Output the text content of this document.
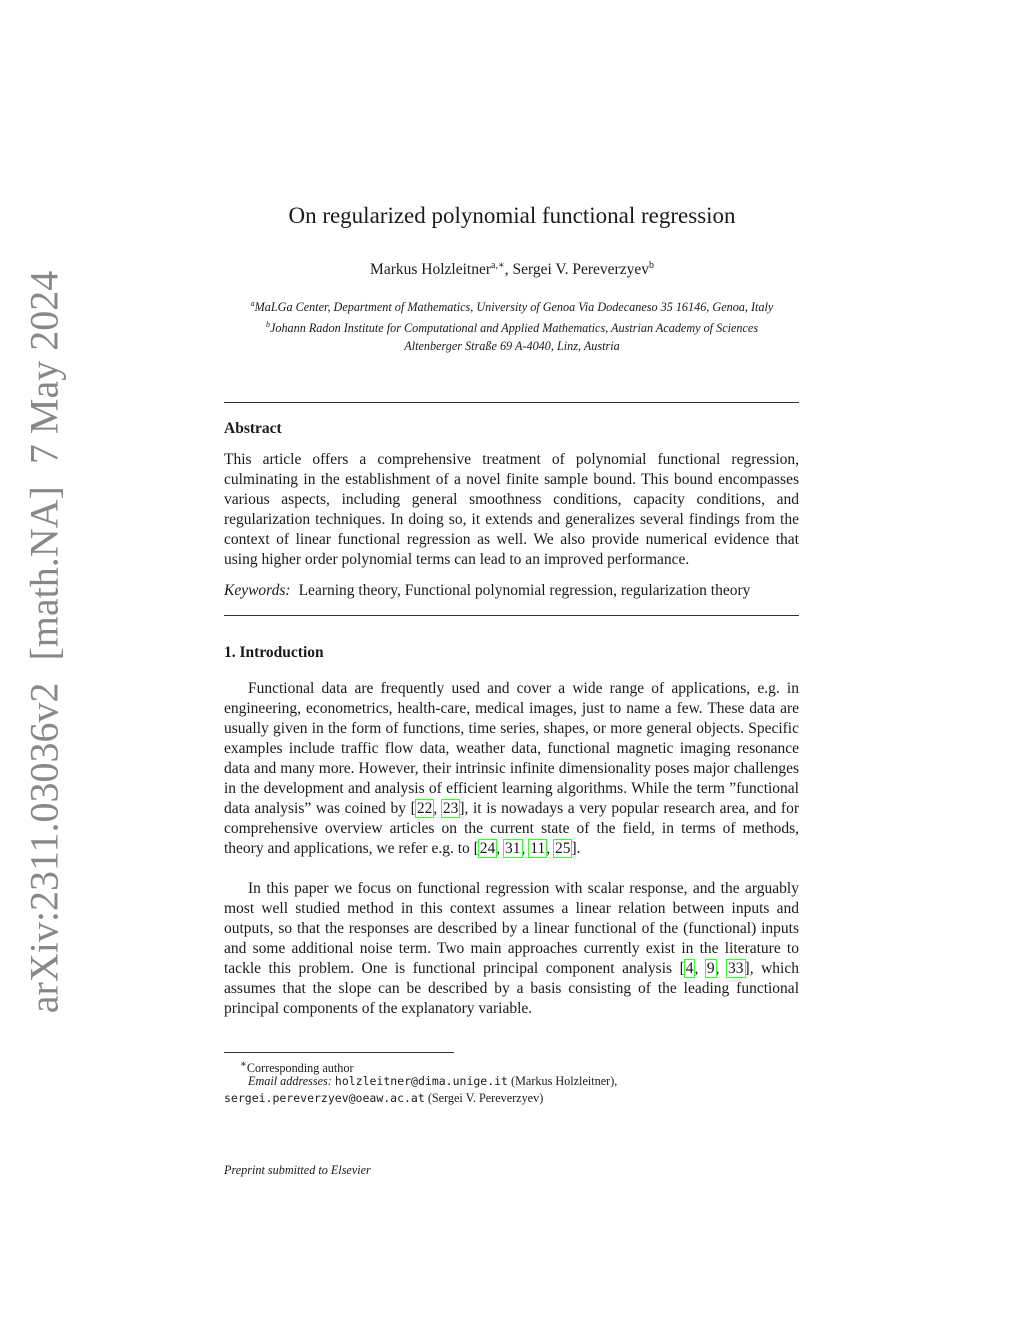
arXiv:2311.03036v2 [math.NA] 7 May 2024
On regularized polynomial functional regression
Markus Holzleitner$^{a,∗}$, Sergei V. Pereverzyev$^b$
$^a$MaLGa Center, Department of Mathematics, University of Genoa Via Dodecaneso 35 16146, Genoa, Italy
$^b$Johann Radon Institute for Computational and Applied Mathematics, Austrian Academy of Sciences
Altenberger Straße 69 A-4040, Linz, Austria
Abstract
This article offers a comprehensive treatment of polynomial functional regression, culminating in the establishment of a novel finite sample bound. This bound encompasses various aspects, including general smoothness conditions, capacity conditions, and regularization techniques. In doing so, it extends and generalizes several findings from the context of linear functional regression as well. We also provide numerical evidence that using higher order polynomial terms can lead to an improved performance.
Keywords: Learning theory, Functional polynomial regression, regularization theory
1. Introduction
Functional data are frequently used and cover a wide range of applications, e.g. in engineering, econometrics, health-care, medical images, just to name a few. These data are usually given in the form of functions, time series, shapes, or more general objects. Specific examples include traffic flow data, weather data, functional magnetic imaging resonance data and many more. However, their intrinsic infinite dimensionality poses major challenges in the development and analysis of efficient learning algorithms. While the term ”functional data analysis” was coined by [22, 23], it is nowadays a very popular research area, and for comprehensive overview articles on the current state of the field, in terms of methods, theory and applications, we refer e.g. to [24, 31, 11, 25].
In this paper we focus on functional regression with scalar response, and the arguably most well studied method in this context assumes a linear relation between inputs and outputs, so that the responses are described by a linear functional of the (functional) inputs and some additional noise term. Two main approaches currently exist in the literature to tackle this problem. One is functional principal component analysis [4, 9, 33], which assumes that the slope can be described by a basis consisting of the leading functional principal components of the explanatory variable.
∗Corresponding author
Email addresses: holzleitner@dima.unige.it (Markus Holzleitner),
sergei.pereverzyev@oeaw.ac.at (Sergei V. Pereverzyev)
Preprint submitted to Elsevier
